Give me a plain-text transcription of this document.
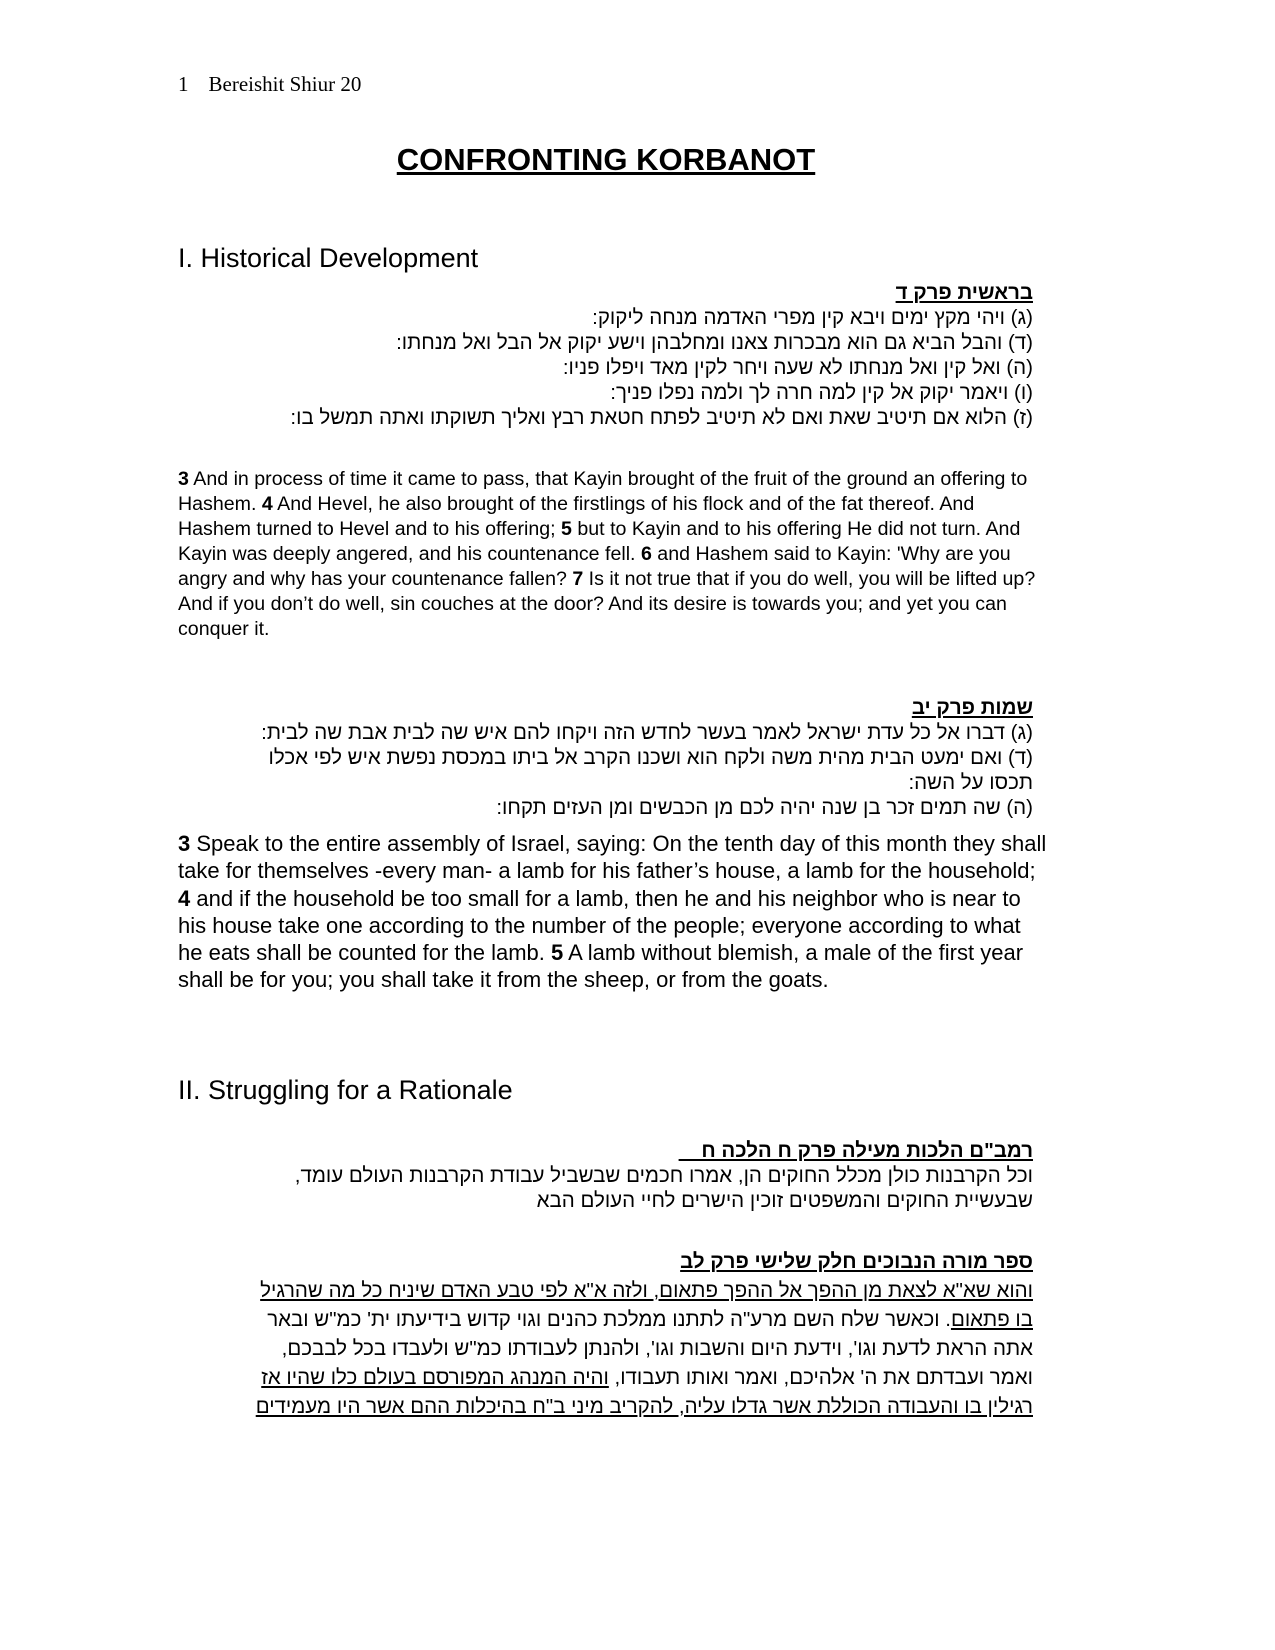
1 Bereishit Shiur 20
CONFRONTING KORBANOT
I. Historical Development
בראשית פרק ד
(ג) ויהי מקץ ימים ויבא קין מפרי האדמה מנחה ליקוק:
(ד) והבל הביא גם הוא מבכרות צאנו ומחלבהן וישע יקוק אל הבל ואל מנחתו:
(ה) ואל קין ואל מנחתו לא שעה ויחר לקין מאד ויפלו פניו:
(ו) ויאמר יקוק אל קין למה חרה לך ולמה נפלו פניך:
(ז) הלוא אם תיטיב שאת ואם לא תיטיב לפתח חטאת רבץ ואליך תשוקתו ואתה תמשל בו:
3 And in process of time it came to pass, that Kayin brought of the fruit of the ground an offering to Hashem. 4 And Hevel, he also brought of the firstlings of his flock and of the fat thereof. And Hashem turned to Hevel and to his offering; 5 but to Kayin and to his offering He did not turn. And Kayin was deeply angered, and his countenance fell. 6 and Hashem said to Kayin: 'Why are you angry and why has your countenance fallen? 7 Is it not true that if you do well, you will be lifted up? And if you don’t do well, sin couches at the door? And its desire is towards you; and yet you can conquer it.
שמות פרק יב
(ג) דברו אל כל עדת ישראל לאמר בעשר לחדש הזה ויקחו להם איש שה לבית אבת שה לבית:
(ד) ואם ימעט הבית מהית משה ולקח הוא ושכנו הקרב אל ביתו במכסת נפשת איש לפי אכלו
תכסו על השה:
(ה) שה תמים זכר בן שנה יהיה לכם מן הכבשים ומן העזים תקחו:
3 Speak to the entire assembly of Israel, saying: On the tenth day of this month they shall take for themselves -every man- a lamb for his father’s house, a lamb for the household; 4 and if the household be too small for a lamb, then he and his neighbor who is near to his house take one according to the number of the people; everyone according to what he eats shall be counted for the lamb. 5 A lamb without blemish, a male of the first year shall be for you; you shall take it from the sheep, or from the goats.
II. Struggling for a Rationale
רמב"ם הלכות מעילה פרק ח הלכה ח
וכל הקרבנות כולן מכלל החוקים הן, אמרו חכמים שבשביל עבודת הקרבנות העולם עומד,
שבעשיית החוקים והמשפטים זוכין הישרים לחיי העולם הבא
ספר מורה הנבוכים חלק שלישי פרק לב
והוא שא"א לצאת מן ההפך אל ההפך פתאום, ולזה א"א לפי טבע האדם שיניח כל מה שהרגיל
בו פתאום. וכאשר שלח השם מרע"ה לתתנו ממלכת כהנים וגוי קדוש בידיעתו ית' כמ"ש ובאר
אתה הראת לדעת וגו', וידעת היום והשבות וגו', ולהנתן לעבודתו כמ"ש ולעבדו בכל לבבכם,
ואמר ועבדתם את ה' אלהיכם, ואמר ואותו תעבודו, והיה המנהג המפורסם בעולם כלו שהיו אז
רגילין בו והעבודה הכוללת אשר גדלו עליה, להקריב מיני ב"ח בהיכלות ההם אשר היו מעמידים
